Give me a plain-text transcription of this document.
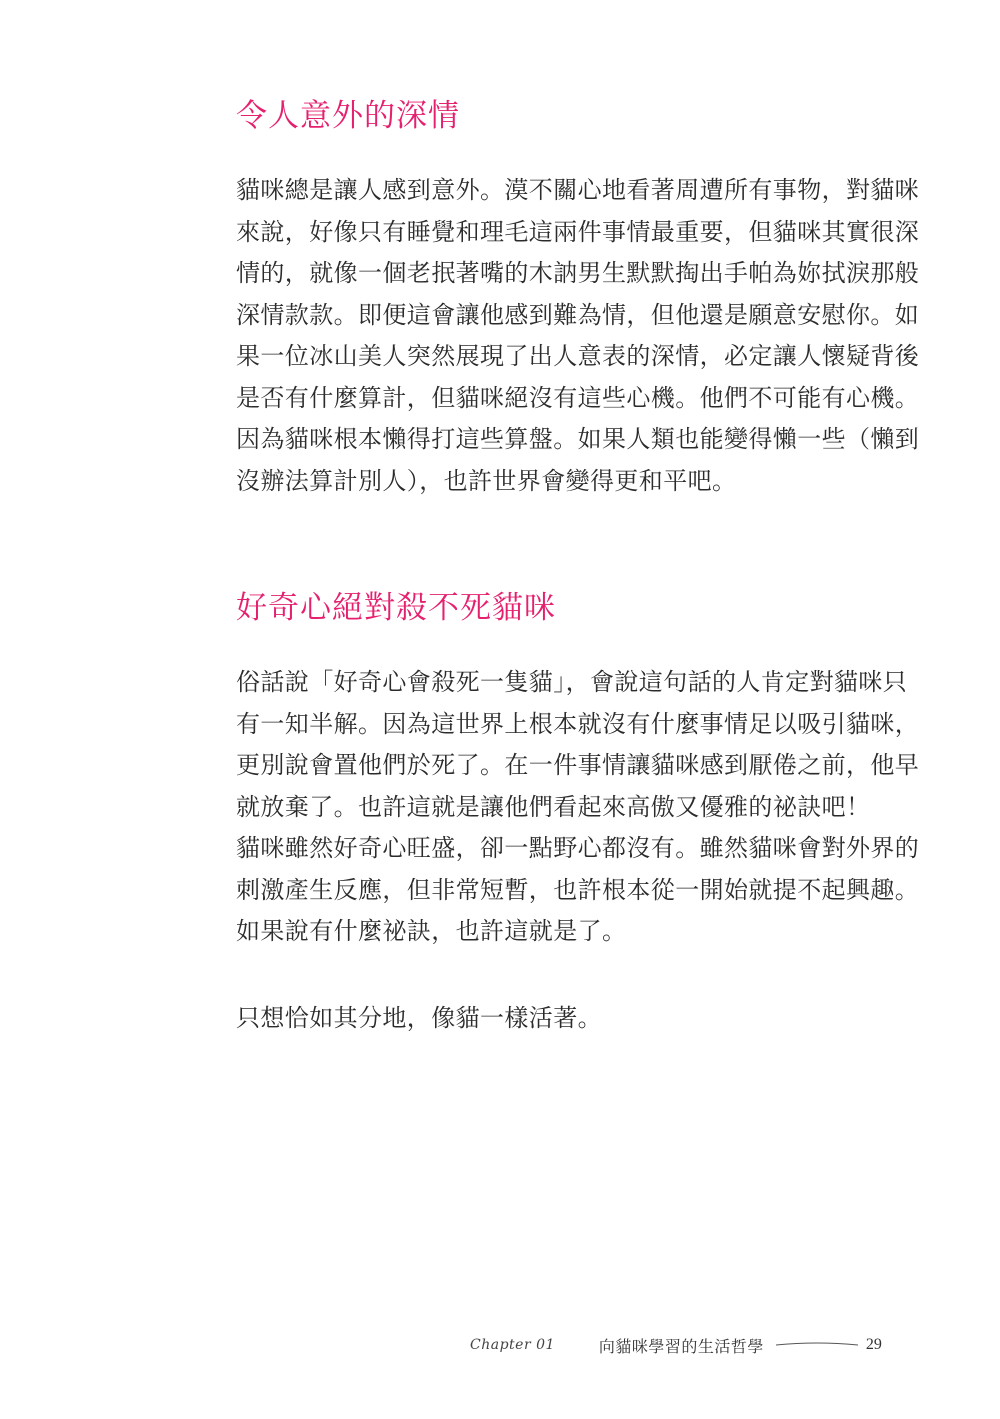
令人意外的深情
貓咪總是讓人感到意外。漠不關心地看著周遭所有事物，對貓咪
來說，好像只有睡覺和理毛這兩件事情最重要，但貓咪其實很深
情的，就像一個老抿著嘴的木訥男生默默掏出手帕為妳拭淚那般
深情款款。即便這會讓他感到難為情，但他還是願意安慰你。如
果一位冰山美人突然展現了出人意表的深情，必定讓人懷疑背後
是否有什麼算計，但貓咪絕沒有這些心機。他們不可能有心機。
因為貓咪根本懶得打這些算盤。如果人類也能變得懶一些（懶到
沒辦法算計別人），也許世界會變得更和平吧。
好奇心絕對殺不死貓咪
俗話說「好奇心會殺死一隻貓」，會說這句話的人肯定對貓咪只
有一知半解。因為這世界上根本就沒有什麼事情足以吸引貓咪，
更別說會置他們於死了。在一件事情讓貓咪感到厭倦之前，他早
就放棄了。也許這就是讓他們看起來高傲又優雅的祕訣吧！
貓咪雖然好奇心旺盛，卻一點野心都沒有。雖然貓咪會對外界的
刺激產生反應，但非常短暫，也許根本從一開始就提不起興趣。
如果說有什麼祕訣，也許這就是了。
只想恰如其分地，像貓一樣活著。
Chapter 01	向貓咪學習的生活哲學	29
